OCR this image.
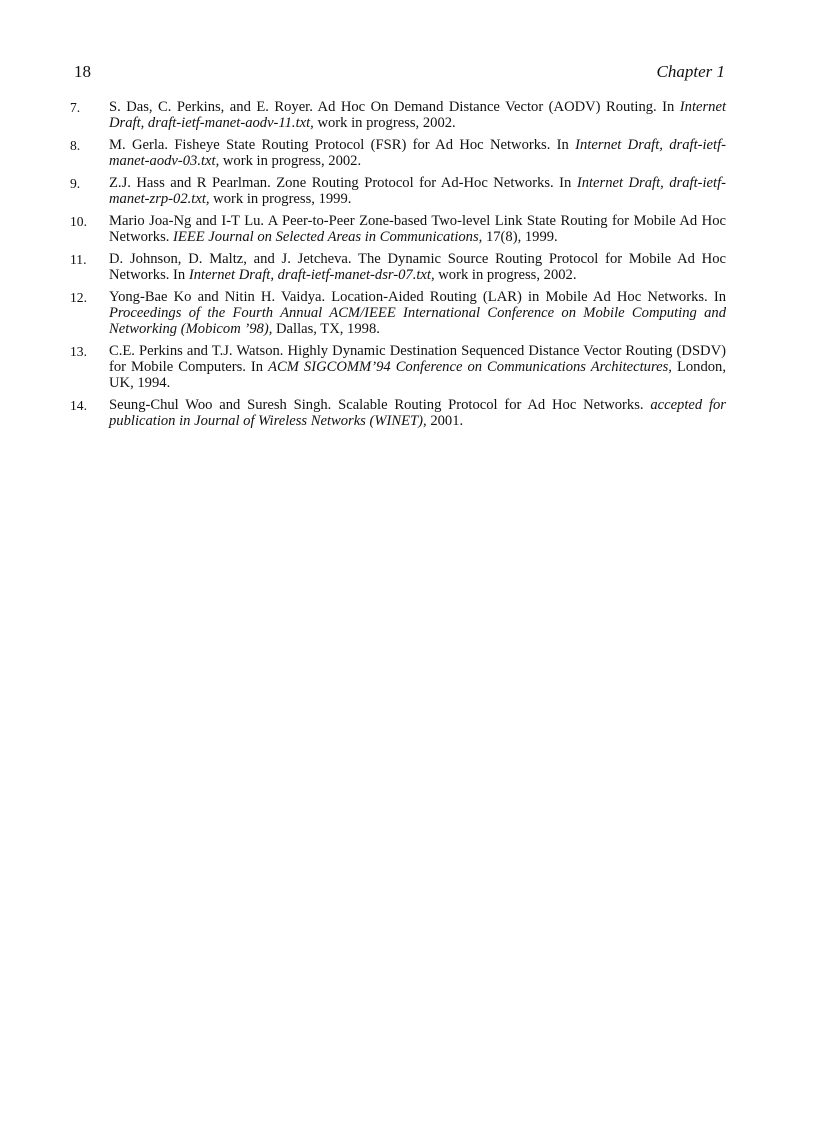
18	Chapter 1
7.	S. Das, C. Perkins, and E. Royer. Ad Hoc On Demand Distance Vector (AODV) Routing. In Internet Draft, draft-ietf-manet-aodv-11.txt, work in progress, 2002.
8.	M. Gerla. Fisheye State Routing Protocol (FSR) for Ad Hoc Networks. In Internet Draft, draft-ietf-manet-aodv-03.txt, work in progress, 2002.
9.	Z.J. Hass and R Pearlman. Zone Routing Protocol for Ad-Hoc Networks. In Internet Draft, draft-ietf-manet-zrp-02.txt, work in progress, 1999.
10.	Mario Joa-Ng and I-T Lu. A Peer-to-Peer Zone-based Two-level Link State Routing for Mobile Ad Hoc Networks. IEEE Journal on Selected Areas in Communications, 17(8), 1999.
11.	D. Johnson, D. Maltz, and J. Jetcheva. The Dynamic Source Routing Protocol for Mobile Ad Hoc Networks. In Internet Draft, draft-ietf-manet-dsr-07.txt, work in progress, 2002.
12.	Yong-Bae Ko and Nitin H. Vaidya. Location-Aided Routing (LAR) in Mobile Ad Hoc Networks. In Proceedings of the Fourth Annual ACM/IEEE International Conference on Mobile Computing and Networking (Mobicom ’98), Dallas, TX, 1998.
13.	C.E. Perkins and T.J. Watson. Highly Dynamic Destination Sequenced Distance Vector Routing (DSDV) for Mobile Computers. In ACM SIGCOMM’94 Conference on Communications Architectures, London, UK, 1994.
14.	Seung-Chul Woo and Suresh Singh. Scalable Routing Protocol for Ad Hoc Networks. accepted for publication in Journal of Wireless Networks (WINET), 2001.
